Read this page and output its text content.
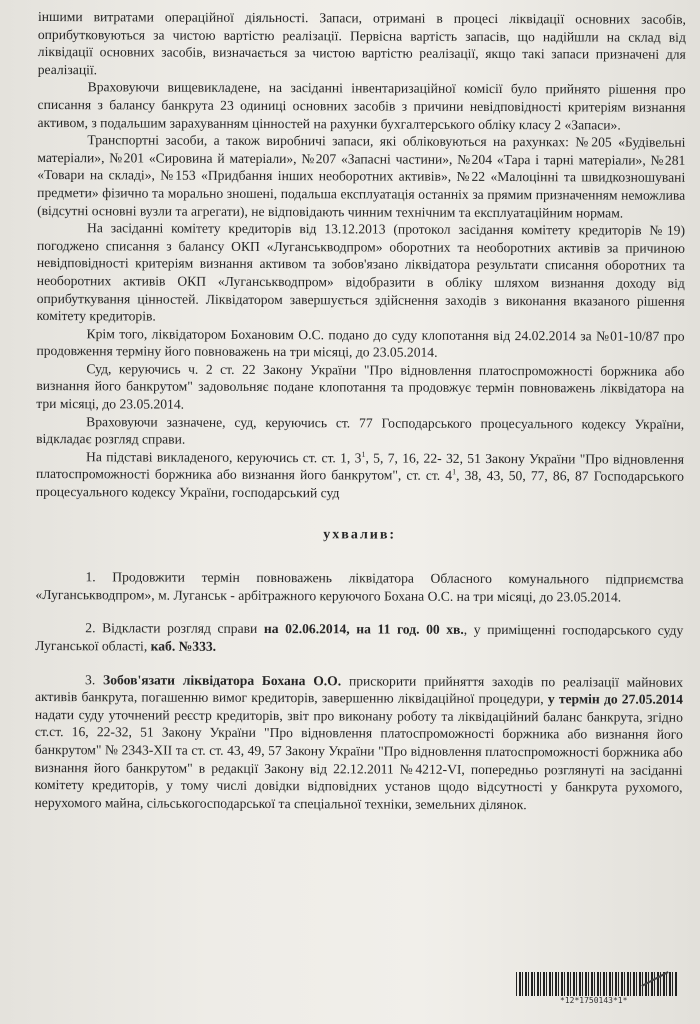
іншими витратами операційної діяльності. Запаси, отримані в процесі ліквідації основних засобів, оприбутковуються за чистою вартістю реалізації. Первісна вартість запасів, що надійшли на склад від ліквідації основних засобів, визначається за чистою вартістю реалізації, якщо такі запаси призначені для реалізації.

Враховуючи вищевикладене, на засіданні інвентаризаційної комісії було прийнято рішення про списання з балансу банкрута 23 одиниці основних засобів з причини невідповідності критеріям визнання активом, з подальшим зарахуванням цінностей на рахунки бухгалтерського обліку класу 2 «Запаси».

Транспортні засоби, а також виробничі запаси, які обліковуються на рахунках: №205 «Будівельні матеріали», №201 «Сировина й матеріали», №207 «Запасні частини», №204 «Тара і тарні матеріали», №281 «Товари на складі», №153 «Придбання інших необоротних активів», №22 «Малоцінні та швидкозношувані предмети» фізично та морально зношені, подальша експлуатація останніх за прямим призначенням неможлива (відсутні основні вузли та агрегати), не відповідають чинним технічним та експлуатаційним нормам.

На засіданні комітету кредиторів від 13.12.2013 (протокол засідання комітету кредиторів №19) погоджено списання з балансу ОКП «Луганськводпром» оборотних та необоротних активів за причиною невідповідності критеріям визнання активом та зобов'язано ліквідатора результати списання оборотних та необоротних активів ОКП «Луганськводпром» відобразити в обліку шляхом визнання доходу від оприбуткування цінностей. Ліквідатором завершується здійснення заходів з виконання вказаного рішення комітету кредиторів.

Крім того, ліквідатором Бохановим О.С. подано до суду клопотання від 24.02.2014 за №01-10/87 про продовження терміну його повноважень на три місяці, до 23.05.2014.

Суд, керуючись ч. 2 ст. 22 Закону України "Про відновлення платоспроможності боржника або визнання його банкрутом" задовольняє подане клопотання та продовжує термін повноважень ліквідатора на три місяці, до 23.05.2014.

Враховуючи зазначене, суд, керуючись ст. 77 Господарського процесуального кодексу України, відкладає розгляд справи.

На підставі викладеного, керуючись ст. ст. 1, $3^1$, 5, 7, 16, 22- 32, 51 Закону України "Про відновлення платоспроможності боржника або визнання його банкрутом", ст. ст. $4^1$, 38, 43, 50, 77, 86, 87 Господарського процесуального кодексу України, господарський суд

ухвалив:

1. Продовжити термін повноважень ліквідатора Обласного комунального підприємства «Луганськводпром», м. Луганськ - арбітражного керуючого Бохана О.С. на три місяці, до 23.05.2014.

2. Відкласти розгляд справи на 02.06.2014, на 11 год. 00 хв., у приміщенні господарського суду Луганської області, каб. №333.

3. Зобов'язати ліквідатора Бохана О.О. прискорити прийняття заходів по реалізації майнових активів банкрута, погашенню вимог кредиторів, завершенню ліквідаційної процедури, у термін до 27.05.2014 надати суду уточнений реєстр кредиторів, звіт про виконану роботу та ліквідаційний баланс банкрута, згідно ст.ст. 16, 22-32, 51 Закону України "Про відновлення платоспроможності боржника або визнання його банкрутом" № 2343-XII та ст. ст. 43, 49, 57 Закону України "Про відновлення платоспроможності боржника або визнання його банкрутом" в редакції Закону від 22.12.2011 №4212-VI, попередньо розглянуті на засіданні комітету кредиторів, у тому числі довідки відповідних установ щодо відсутності у банкрута рухомого, нерухомого майна, сільськогосподарської та спеціальної техніки, земельних ділянок.

*12*1750143*1*
